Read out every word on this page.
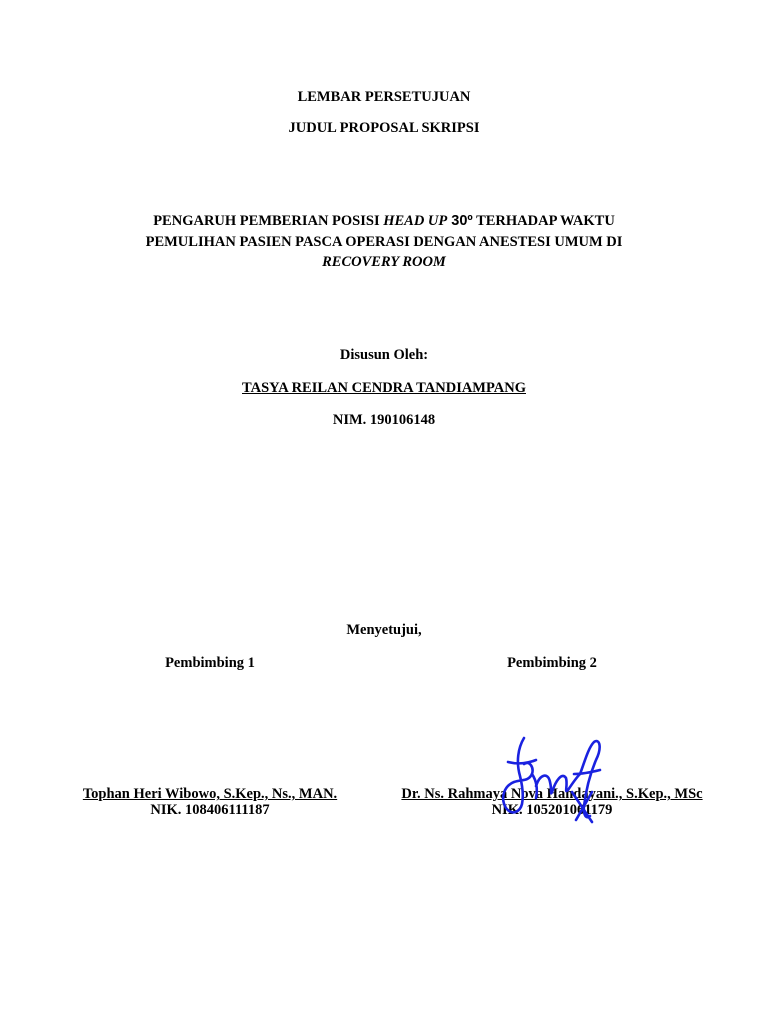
LEMBAR PERSETUJUAN
JUDUL PROPOSAL SKRIPSI
PENGARUH PEMBERIAN POSISI HEAD UP 30º TERHADAP WAKTU
PEMULIHAN PASIEN PASCA OPERASI DENGAN ANESTESI UMUM DI
RECOVERY ROOM
Disusun Oleh:
TASYA REILAN CENDRA TANDIAMPANG
NIM. 190106148
Menyetujui,
Pembimbing 1	Pembimbing 2
Tophan Heri Wibowo, S.Kep., Ns., MAN.
NIK. 108406111187
Dr. Ns. Rahmaya Nova Handayani., S.Kep., MSc
NIK. 105201061179
